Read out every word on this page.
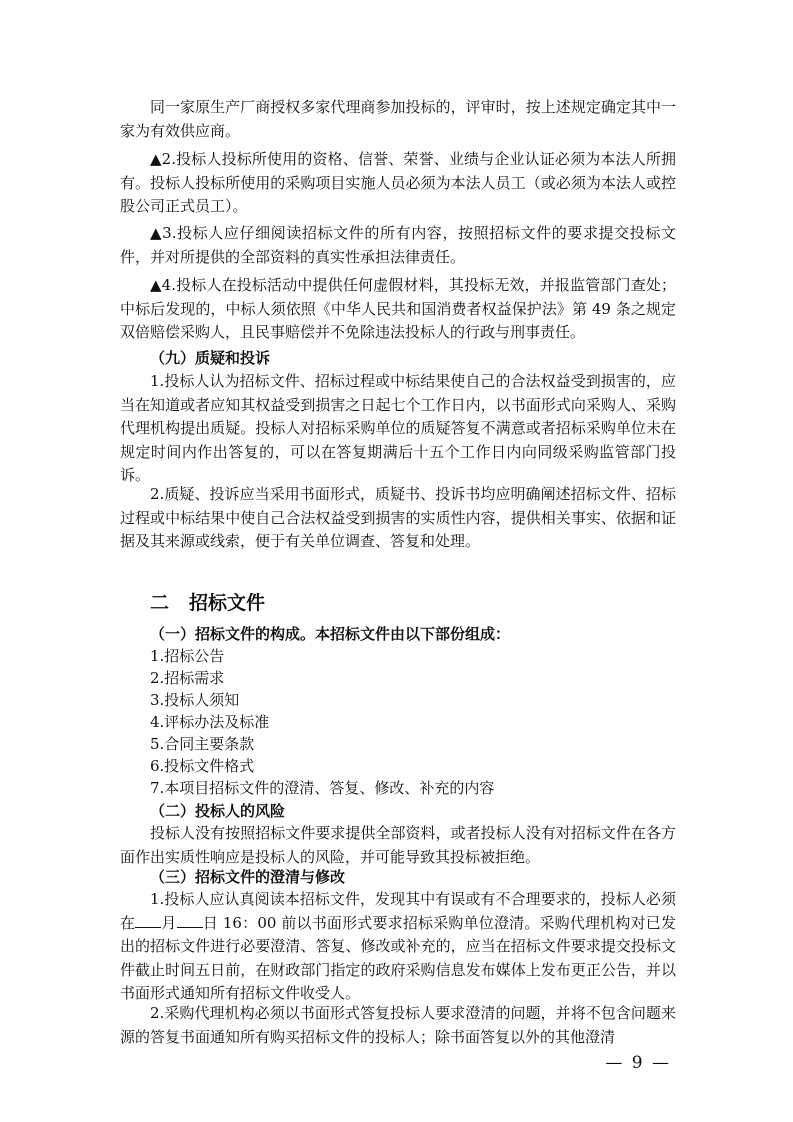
同一家原生产厂商授权多家代理商参加投标的，评审时，按上述规定确定其中一家为有效供应商。

▲2.投标人投标所使用的资格、信誉、荣誉、业绩与企业认证必须为本法人所拥有。投标人投标所使用的采购项目实施人员必须为本法人员工（或必须为本法人或控股公司正式员工）。

▲3.投标人应仔细阅读招标文件的所有内容，按照招标文件的要求提交投标文件，并对所提供的全部资料的真实性承担法律责任。

▲4.投标人在投标活动中提供任何虚假材料，其投标无效，并报监管部门查处；中标后发现的，中标人须依照《中华人民共和国消费者权益保护法》第 49 条之规定双倍赔偿采购人，且民事赔偿并不免除违法投标人的行政与刑事责任。

（九）质疑和投诉

1.投标人认为招标文件、招标过程或中标结果使自己的合法权益受到损害的，应当在知道或者应知其权益受到损害之日起七个工作日内，以书面形式向采购人、采购代理机构提出质疑。投标人对招标采购单位的质疑答复不满意或者招标采购单位未在规定时间内作出答复的，可以在答复期满后十五个工作日内向同级采购监管部门投诉。

2.质疑、投诉应当采用书面形式，质疑书、投诉书均应明确阐述招标文件、招标过程或中标结果中使自己合法权益受到损害的实质性内容，提供相关事实、依据和证据及其来源或线索，便于有关单位调查、答复和处理。

二 招标文件

（一）招标文件的构成。本招标文件由以下部份组成：

1.招标公告

2.招标需求

3.投标人须知

4.评标办法及标准

5.合同主要条款

6.投标文件格式

7.本项目招标文件的澄清、答复、修改、补充的内容

（二）投标人的风险

投标人没有按照招标文件要求提供全部资料，或者投标人没有对招标文件在各方面作出实质性响应是投标人的风险，并可能导致其投标被拒绝。

（三）招标文件的澄清与修改

1.投标人应认真阅读本招标文件，发现其中有误或有不合理要求的，投标人必须在 月 日 16：00 前以书面形式要求招标采购单位澄清。采购代理机构对已发出的招标文件进行必要澄清、答复、修改或补充的，应当在招标文件要求提交投标文件截止时间五日前，在财政部门指定的政府采购信息发布媒体上发布更正公告，并以书面形式通知所有招标文件收受人。

2.采购代理机构必须以书面形式答复投标人要求澄清的问题，并将不包含问题来源的答复书面通知所有购买招标文件的投标人；除书面答复以外的其他澄清

— 9 —
